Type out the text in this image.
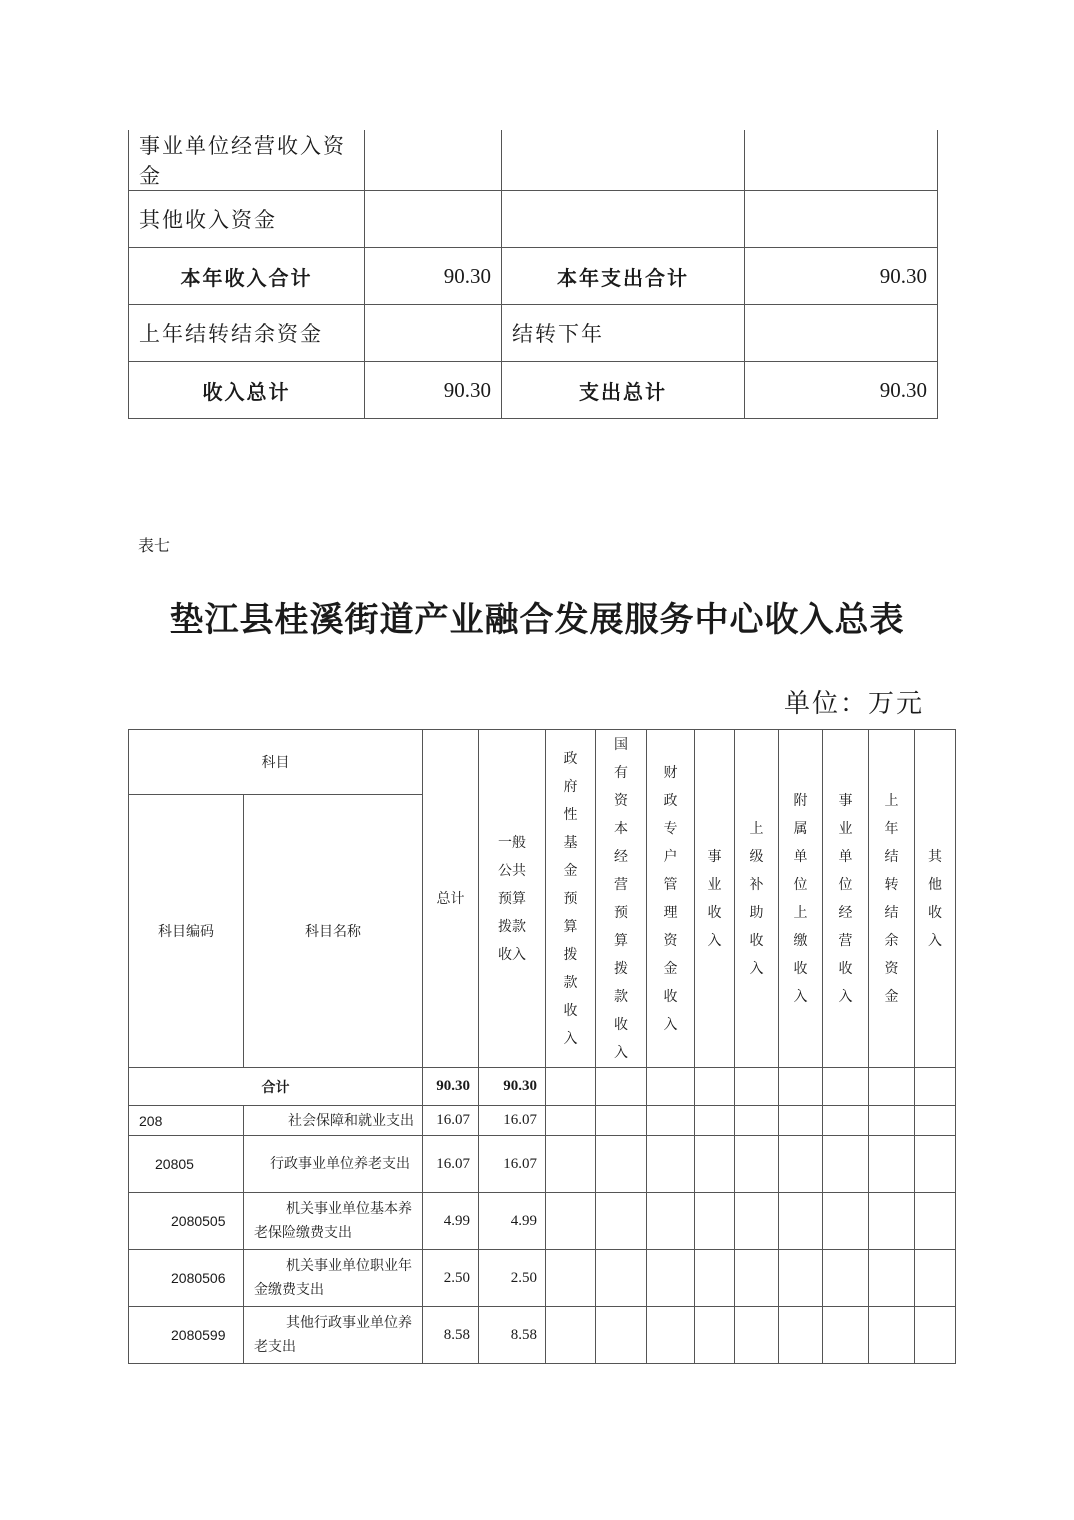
事业单位经营收入资金			
其他收入资金			
本年收入合计	90.30	本年支出合计	90.30
上年结转结余资金		结转下年	
收入总计	90.30	支出总计	90.30
表七
垫江县桂溪街道产业融合发展服务中心收入总表
单位：万元
科目		总计	一般公共预算拨款收入	政府性基金预算拨款收入	国有资本经营预算拨款收入	财政专户管理资金收入	事业收入	上级补助收入	附属单位上缴收入	事业单位经营收入	上年结转结余资金	其他收入
科目编码	科目名称											
合计		90.30	90.30									
208	社会保障和就业支出	16.07	16.07									
20805	行政事业单位养老支出	16.07	16.07									
2080505	机关事业单位基本养老保险缴费支出	4.99	4.99									
2080506	机关事业单位职业年金缴费支出	2.50	2.50									
2080599	其他行政事业单位养老支出	8.58	8.58									
